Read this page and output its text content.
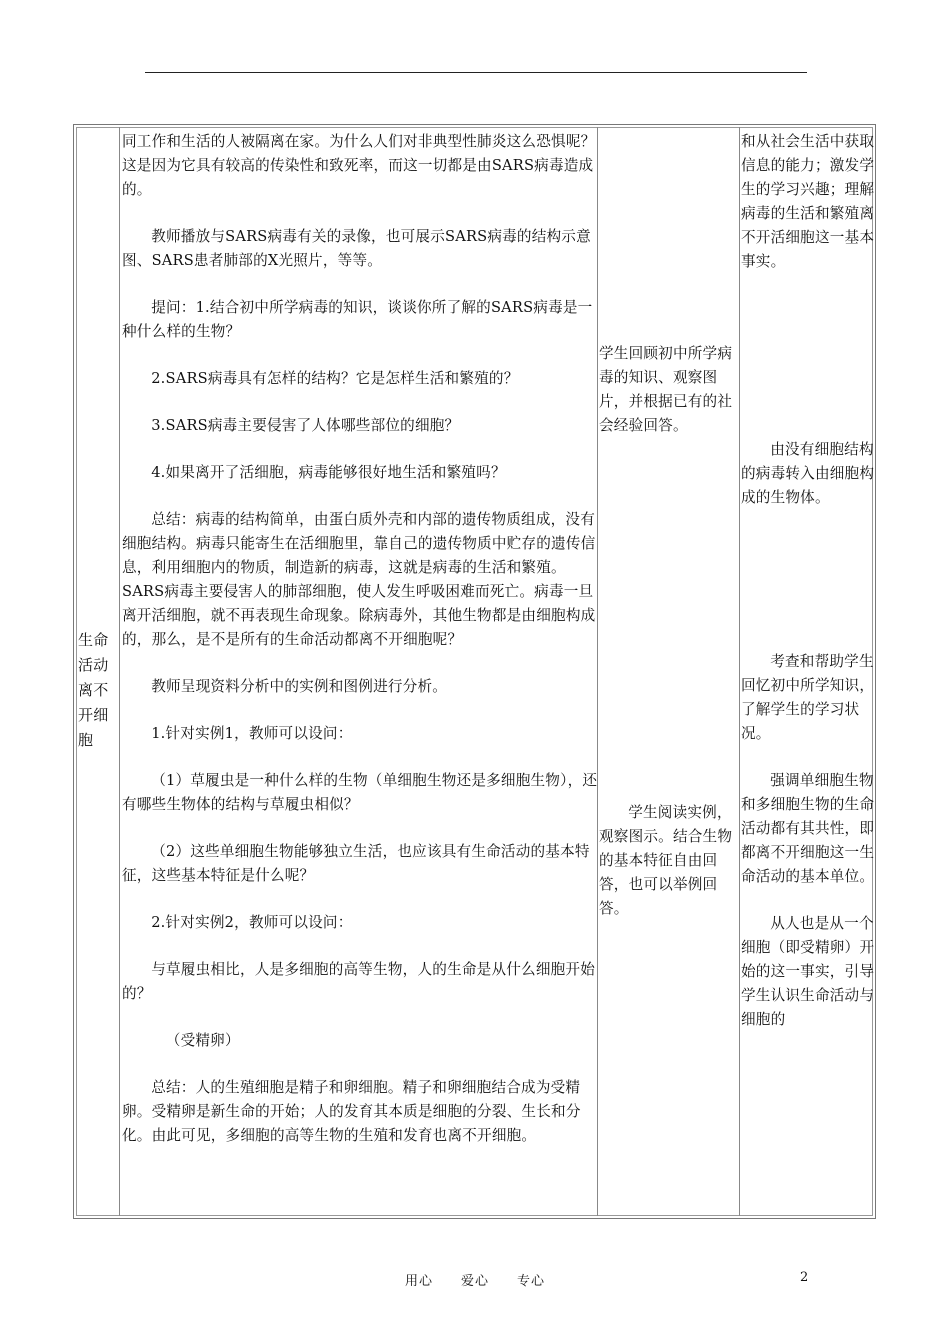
生命活动离不开细胞

同工作和生活的人被隔离在家。为什么人们对非典型性肺炎这么恐惧呢？这是因为它具有较高的传染性和致死率，而这一切都是由SARS病毒造成的。

教师播放与SARS病毒有关的录像，也可展示SARS病毒的结构示意图、SARS患者肺部的X光照片，等等。

提问：1.结合初中所学病毒的知识，谈谈你所了解的SARS病毒是一种什么样的生物？

2.SARS病毒具有怎样的结构？它是怎样生活和繁殖的？

3.SARS病毒主要侵害了人体哪些部位的细胞？

4.如果离开了活细胞，病毒能够很好地生活和繁殖吗？

总结：病毒的结构简单，由蛋白质外壳和内部的遗传物质组成，没有细胞结构。病毒只能寄生在活细胞里，靠自己的遗传物质中贮存的遗传信息，利用细胞内的物质，制造新的病毒，这就是病毒的生活和繁殖。SARS病毒主要侵害人的肺部细胞，使人发生呼吸困难而死亡。病毒一旦离开活细胞，就不再表现生命现象。除病毒外，其他生物都是由细胞构成的，那么，是不是所有的生命活动都离不开细胞呢？

教师呈现资料分析中的实例和图例进行分析。

1.针对实例1，教师可以设问：

（1）草履虫是一种什么样的生物（单细胞生物还是多细胞生物），还有哪些生物体的结构与草履虫相似？

（2）这些单细胞生物能够独立生活，也应该具有生命活动的基本特征，这些基本特征是什么呢？

2.针对实例2，教师可以设问：

与草履虫相比，人是多细胞的高等生物，人的生命是从什么细胞开始的？

（受精卵）

总结：人的生殖细胞是精子和卵细胞。精子和卵细胞结合成为受精卵。受精卵是新生命的开始；人的发育其本质是细胞的分裂、生长和分化。由此可见，多细胞的高等生物的生殖和发育也离不开细胞。

学生回顾初中所学病毒的知识、观察图片，并根据已有的社会经验回答。

学生阅读实例，观察图示。结合生物的基本特征自由回答，也可以举例回答。

和从社会生活中获取信息的能力；激发学生的学习兴趣；理解病毒的生活和繁殖离不开活细胞这一基本事实。

由没有细胞结构的病毒转入由细胞构成的生物体。

考查和帮助学生回忆初中所学知识，了解学生的学习状况。

强调单细胞生物和多细胞生物的生命活动都有其共性，即都离不开细胞这一生命活动的基本单位。

从人也是从一个细胞（即受精卵）开始的这一事实，引导学生认识生命活动与细胞的

用心 爱心 专心	2
